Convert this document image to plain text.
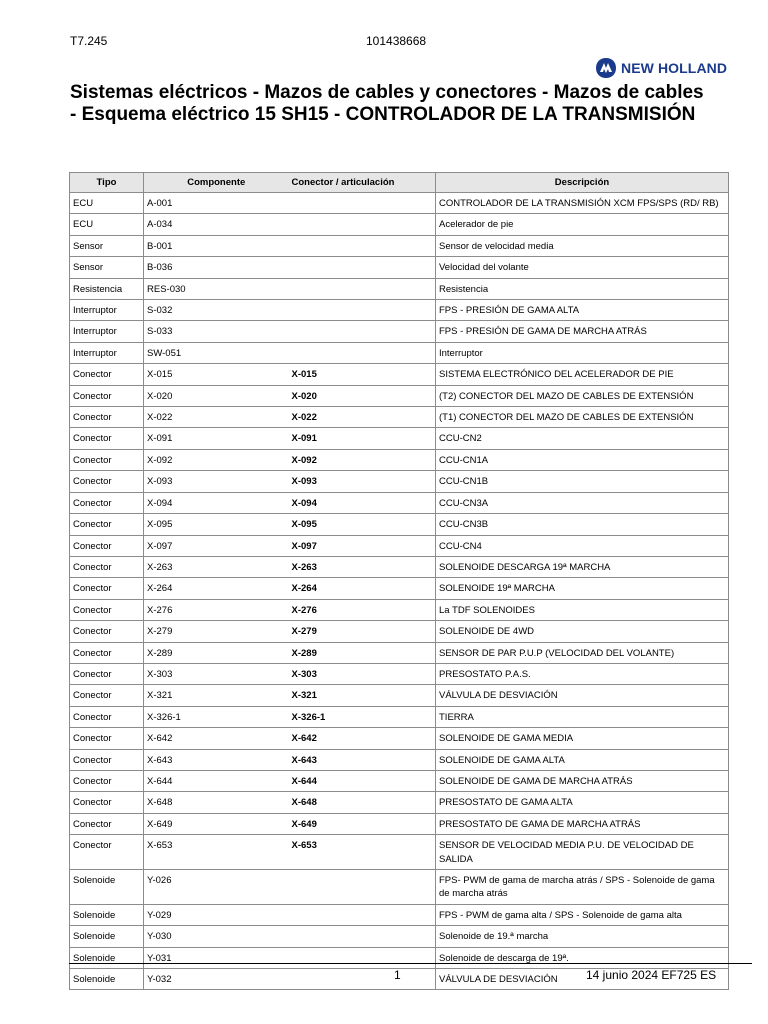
T7.245	101438668
NEW HOLLAND
Sistemas eléctricos - Mazos de cables y conectores - Mazos de cables - Esquema eléctrico 15 SH15 - CONTROLADOR DE LA TRANSMISIÓN
Tipo	Componente	Conector / articulación	Descripción
ECU	A-001		CONTROLADOR DE LA TRANSMISIÓN XCM FPS/SPS (RD/ RB)
ECU	A-034		Acelerador de pie
Sensor	B-001		Sensor de velocidad media
Sensor	B-036		Velocidad del volante
Resistencia	RES-030		Resistencia
Interruptor	S-032		FPS - PRESIÓN DE GAMA ALTA
Interruptor	S-033		FPS - PRESIÓN DE GAMA DE MARCHA ATRÁS
Interruptor	SW-051		Interruptor
Conector	X-015	X-015	SISTEMA ELECTRÓNICO DEL ACELERADOR DE PIE
Conector	X-020	X-020	(T2) CONECTOR DEL MAZO DE CABLES DE EXTENSIÓN
Conector	X-022	X-022	(T1) CONECTOR DEL MAZO DE CABLES DE EXTENSIÓN
Conector	X-091	X-091	CCU-CN2
Conector	X-092	X-092	CCU-CN1A
Conector	X-093	X-093	CCU-CN1B
Conector	X-094	X-094	CCU-CN3A
Conector	X-095	X-095	CCU-CN3B
Conector	X-097	X-097	CCU-CN4
Conector	X-263	X-263	SOLENOIDE DESCARGA 19ª MARCHA
Conector	X-264	X-264	SOLENOIDE 19ª MARCHA
Conector	X-276	X-276	La TDF SOLENOIDES
Conector	X-279	X-279	SOLENOIDE DE 4WD
Conector	X-289	X-289	SENSOR DE PAR P.U.P (VELOCIDAD DEL VOLANTE)
Conector	X-303	X-303	PRESOSTATO P.A.S.
Conector	X-321	X-321	VÁLVULA DE DESVIACIÓN
Conector	X-326-1	X-326-1	TIERRA
Conector	X-642	X-642	SOLENOIDE DE GAMA MEDIA
Conector	X-643	X-643	SOLENOIDE DE GAMA ALTA
Conector	X-644	X-644	SOLENOIDE DE GAMA DE MARCHA ATRÁS
Conector	X-648	X-648	PRESOSTATO DE GAMA ALTA
Conector	X-649	X-649	PRESOSTATO DE GAMA DE MARCHA ATRÁS
Conector	X-653	X-653	SENSOR DE VELOCIDAD MEDIA P.U. DE VELOCIDAD DE SALIDA
Solenoide	Y-026		FPS- PWM de gama de marcha atrás / SPS - Solenoide de gama de marcha atrás
Solenoide	Y-029		FPS - PWM de gama alta / SPS - Solenoide de gama alta
Solenoide	Y-030		Solenoide de 19.ª marcha
Solenoide	Y-031		Solenoide de descarga de 19ª.
Solenoide	Y-032		VÁLVULA DE DESVIACIÓN
1	14 junio 2024 EF725 ES
